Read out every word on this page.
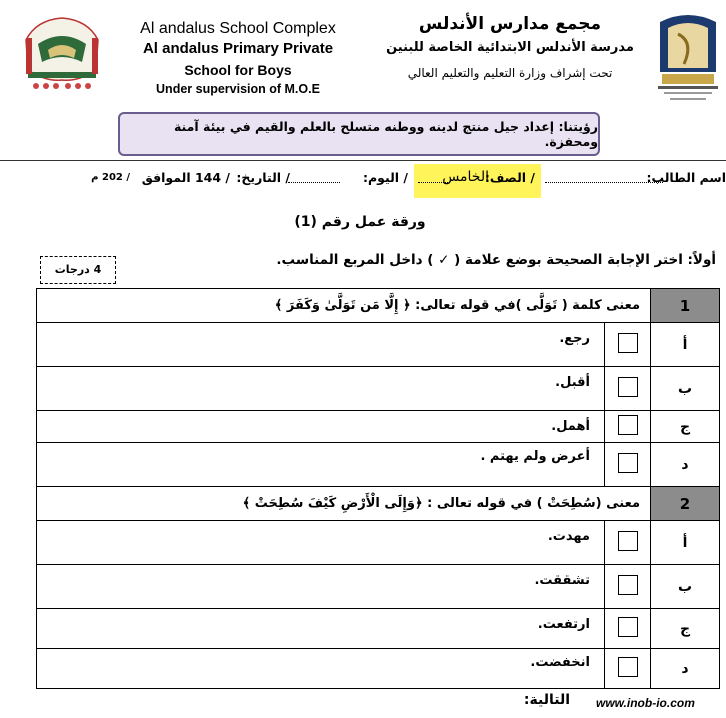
Al andalus School Complex
Al andalus Primary Private
School for Boys
Under supervision of M.O.E
مجمع مدارس الأندلس
مدرسة الأندلس الابتدائية الخاصة للبنين
تحت إشراف وزارة التعليم والتعليم العالي
رؤيتنا: إعداد جيل منتج لدينه ووطنه متسلح بالعلم والقيم في بيئة آمنة ومحفزة.
اسم الطالب:
/ الصف:
الخامس
/ اليوم:
/ التاريخ:
/ 144 الموافق
/ 202 م
ورقة عمل رقم (1)
أولاً: اختر الإجابة الصحيحة بوضع علامة ( ✓ ) داخل المربع المناسب.
4 درجات
معنى كلمة ( تَوَلَّى )في قوله تعالى: ﴿ إِلَّا مَن تَوَلَّىٰ وَكَفَرَ ﴾	1
رجع.		أ
أقبل.		ب
أهمل.		ج
أعرض ولم يهتم .		د
معنى (سُطِحَتْ ) في قوله تعالى : ﴿وَإِلَى الْأَرْضِ كَيْفَ سُطِحَتْ ﴾	2
مهدت.		أ
تشققت.		ب
ارتفعت.		ج
انخفضت.		د
التالية: www.inob-io.com
